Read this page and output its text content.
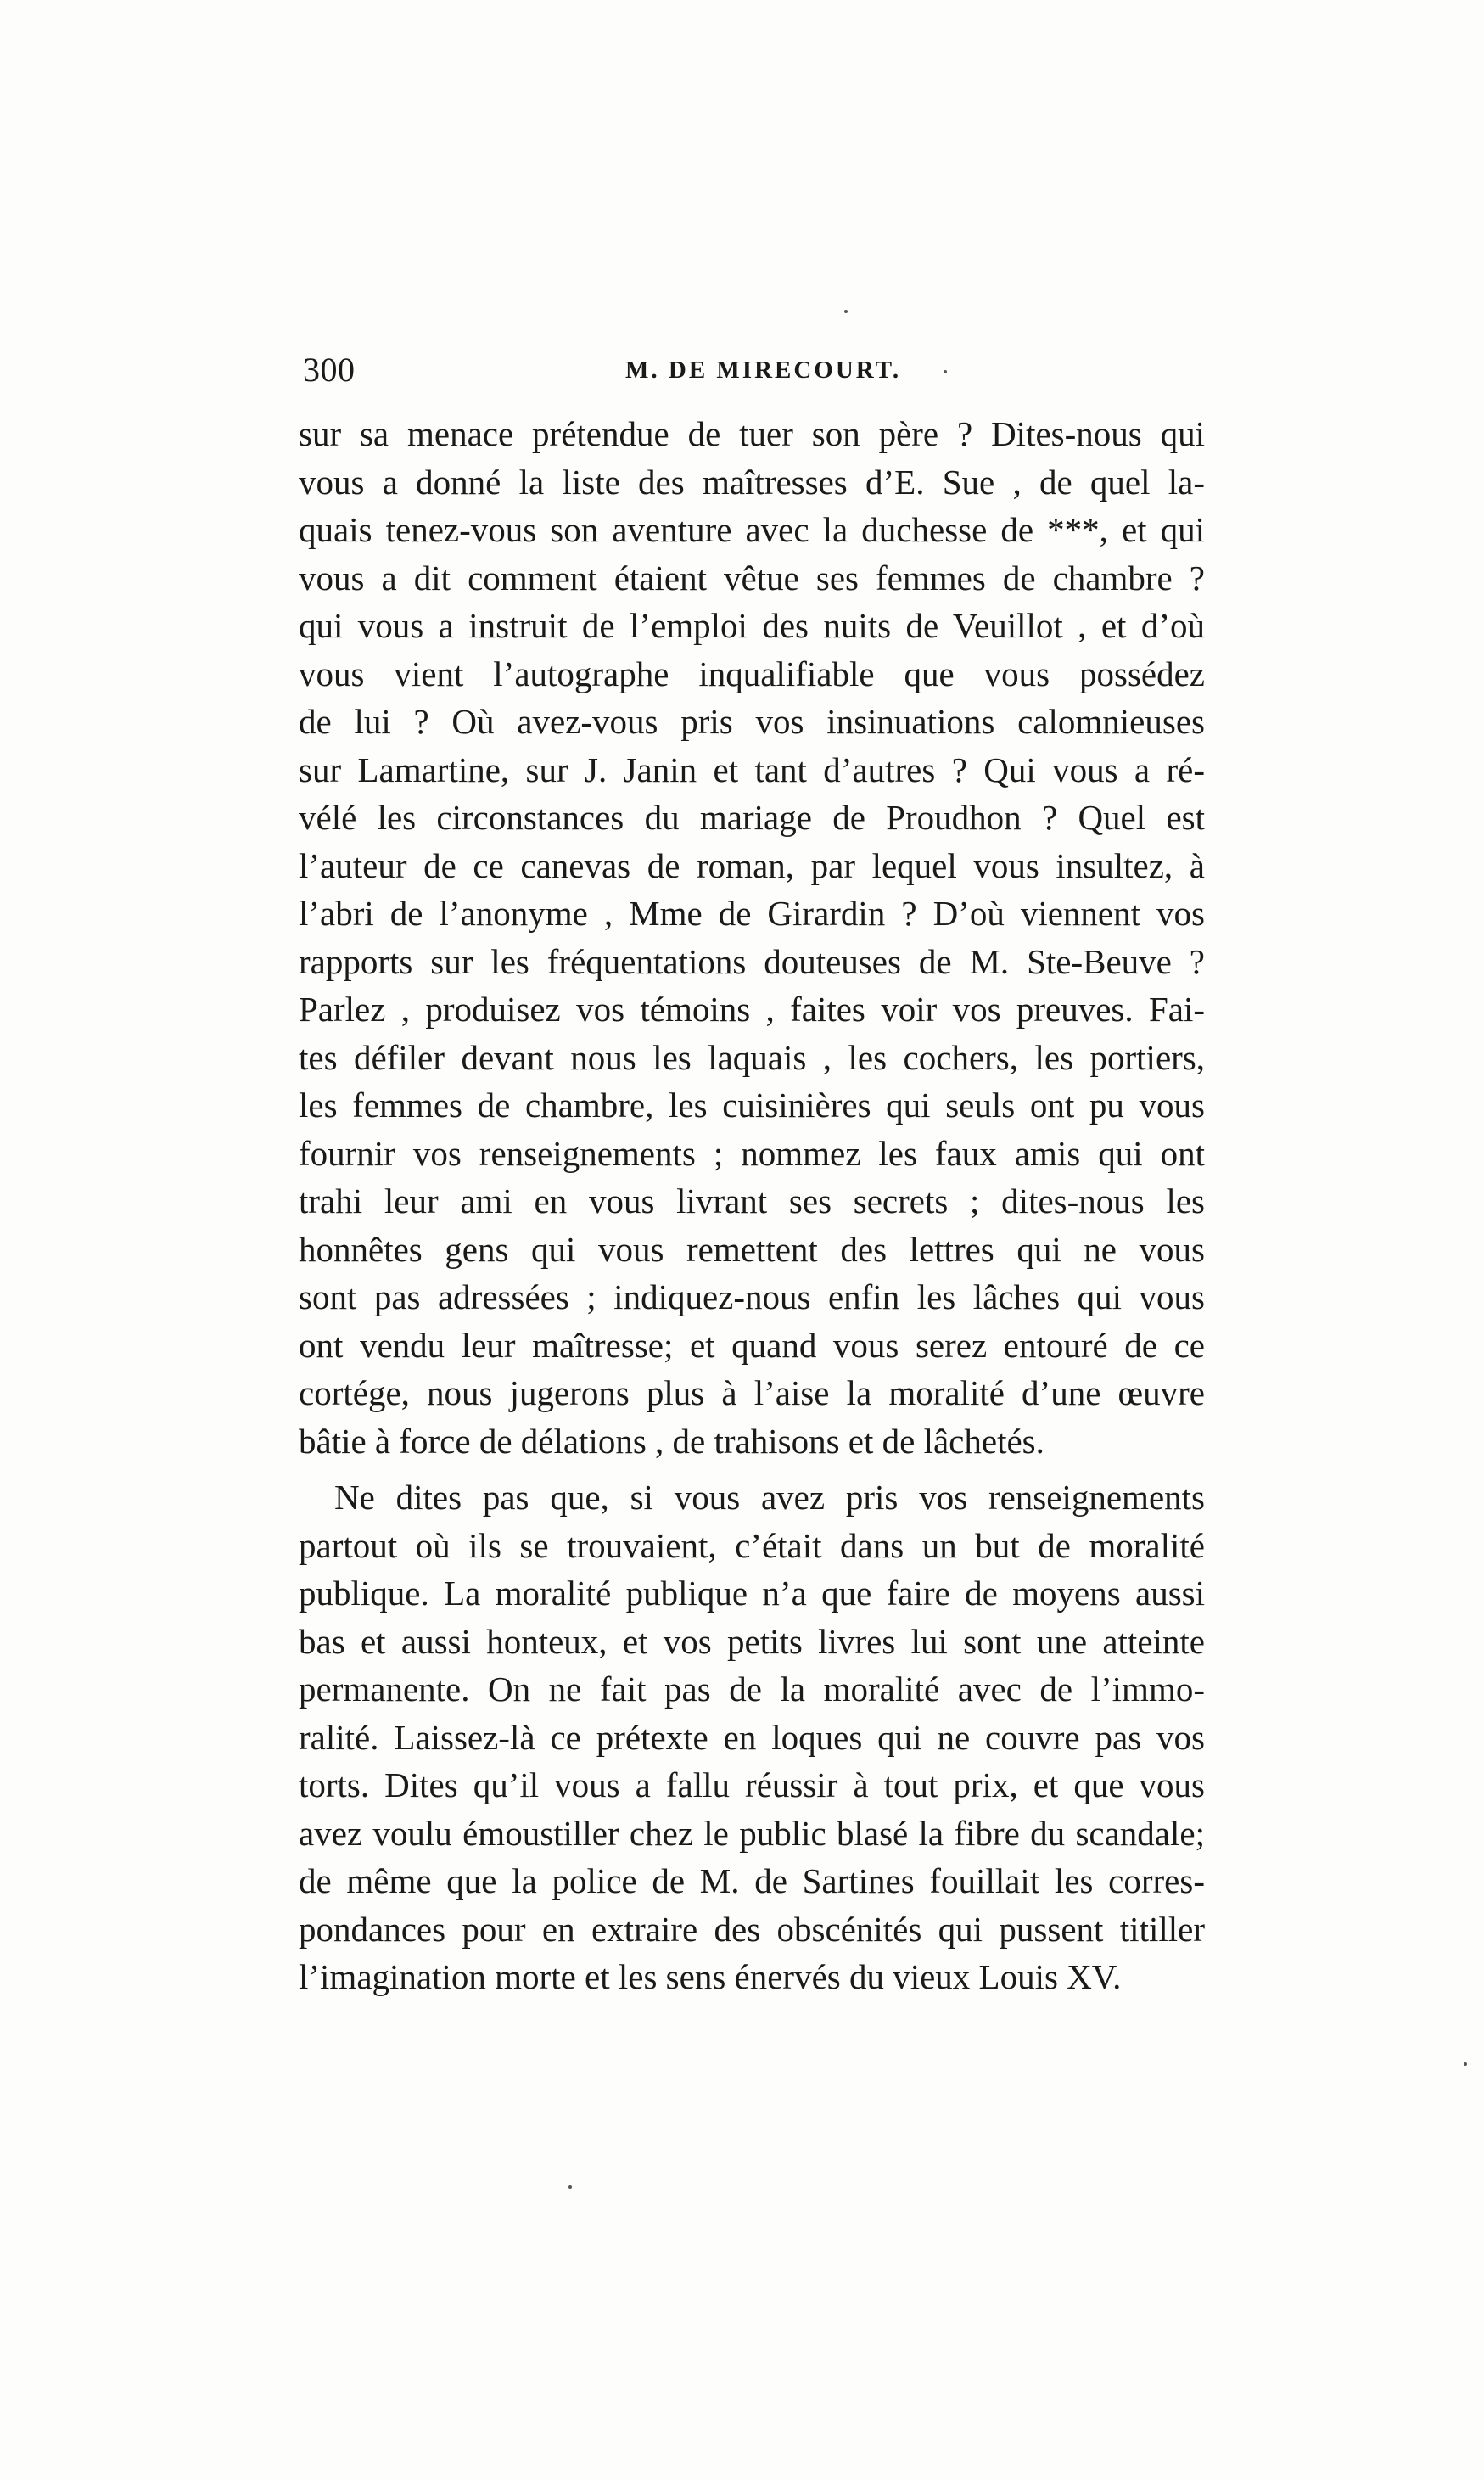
300	M. DE MIRECOURT.
sur sa menace prétendue de tuer son père ? Dites-nous qui
vous a donné la liste des maîtresses d’E. Sue , de quel la-
quais tenez-vous son aventure avec la duchesse de ***, et qui
vous a dit comment étaient vêtue ses femmes de chambre ?
qui vous a instruit de l’emploi des nuits de Veuillot , et d’où
vous vient l’autographe inqualifiable que vous possédez
de lui ? Où avez-vous pris vos insinuations calomnieuses
sur Lamartine, sur J. Janin et tant d’autres ? Qui vous a ré-
vélé les circonstances du mariage de Proudhon ? Quel est
l’auteur de ce canevas de roman, par lequel vous insultez, à
l’abri de l’anonyme , Mme de Girardin ? D’où viennent vos
rapports sur les fréquentations douteuses de M. Ste-Beuve ?
Parlez , produisez vos témoins , faites voir vos preuves. Fai-
tes défiler devant nous les laquais , les cochers, les portiers,
les femmes de chambre, les cuisinières qui seuls ont pu vous
fournir vos renseignements ; nommez les faux amis qui ont
trahi leur ami en vous livrant ses secrets ; dites-nous les
honnêtes gens qui vous remettent des lettres qui ne vous
sont pas adressées ; indiquez-nous enfin les lâches qui vous
ont vendu leur maîtresse; et quand vous serez entouré de ce
cortége, nous jugerons plus à l’aise la moralité d’une œuvre
bâtie à force de délations , de trahisons et de lâchetés.
Ne dites pas que, si vous avez pris vos renseignements
partout où ils se trouvaient, c’était dans un but de moralité
publique. La moralité publique n’a que faire de moyens aussi
bas et aussi honteux, et vos petits livres lui sont une atteinte
permanente. On ne fait pas de la moralité avec de l’immo-
ralité. Laissez-là ce prétexte en loques qui ne couvre pas vos
torts. Dites qu’il vous a fallu réussir à tout prix, et que vous
avez voulu émoustiller chez le public blasé la fibre du scandale;
de même que la police de M. de Sartines fouillait les corres-
pondances pour en extraire des obscénités qui pussent titiller
l’imagination morte et les sens énervés du vieux Louis XV.
